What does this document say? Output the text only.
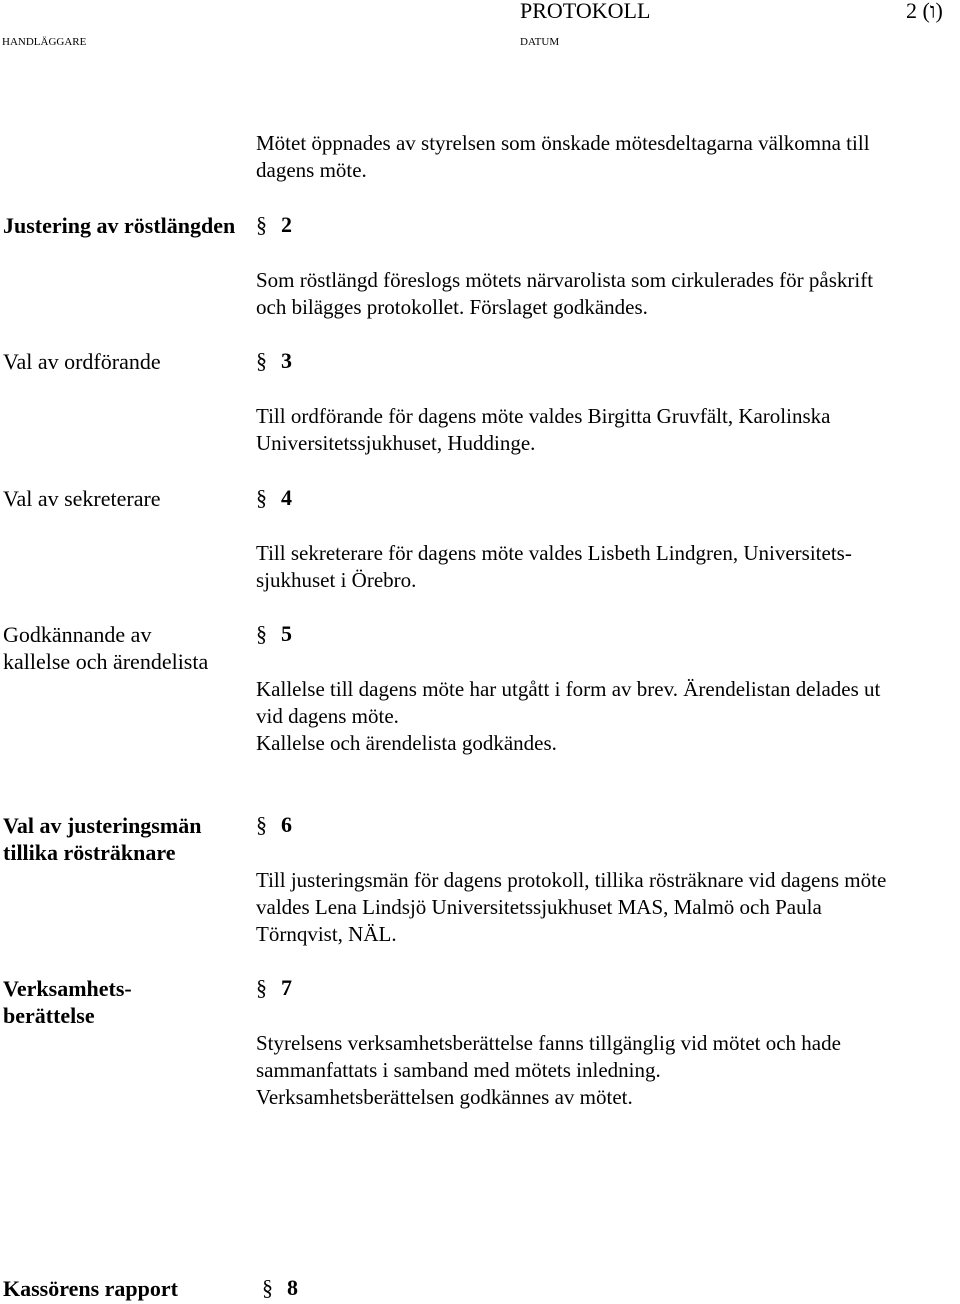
PROTOKOLL	2 (ו)
HANDLÄGGARE	DATUM
Mötet öppnades av styrelsen som önskade mötesdeltagarna välkomna till
dagens möte.
Justering av röstlängden § 2
Som röstlängd föreslogs mötets närvarolista som cirkulerades för påskrift
och bilägges protokollet. Förslaget godkändes.
Val av ordförande	§ 3
Till ordförande för dagens möte valdes Birgitta Gruvfält, Karolinska
Universitetssjukhuset, Huddinge.
Val av sekreterare	§ 4
Till sekreterare för dagens möte valdes Lisbeth Lindgren, Universitets-
sjukhuset i Örebro.
Godkännande av
kallelse och ärendelista
§ 5
Kallelse till dagens möte har utgått i form av brev. Ärendelistan delades ut
vid dagens möte.
Kallelse och ärendelista godkändes.
Val av justeringsmän
tillika rösträknare
§ 6
Till justeringsmän för dagens protokoll, tillika rösträknare vid dagens möte
valdes Lena Lindsjö Universitetssjukhuset MAS, Malmö och Paula
Törnqvist, NÄL.
Verksamhets-
berättelse
§ 7
Styrelsens verksamhetsberättelse fanns tillgänglig vid mötet och hade
sammanfattats i samband med mötets inledning.
Verksamhetsberättelsen godkännes av mötet.
Kassörens rapport	§ 8
